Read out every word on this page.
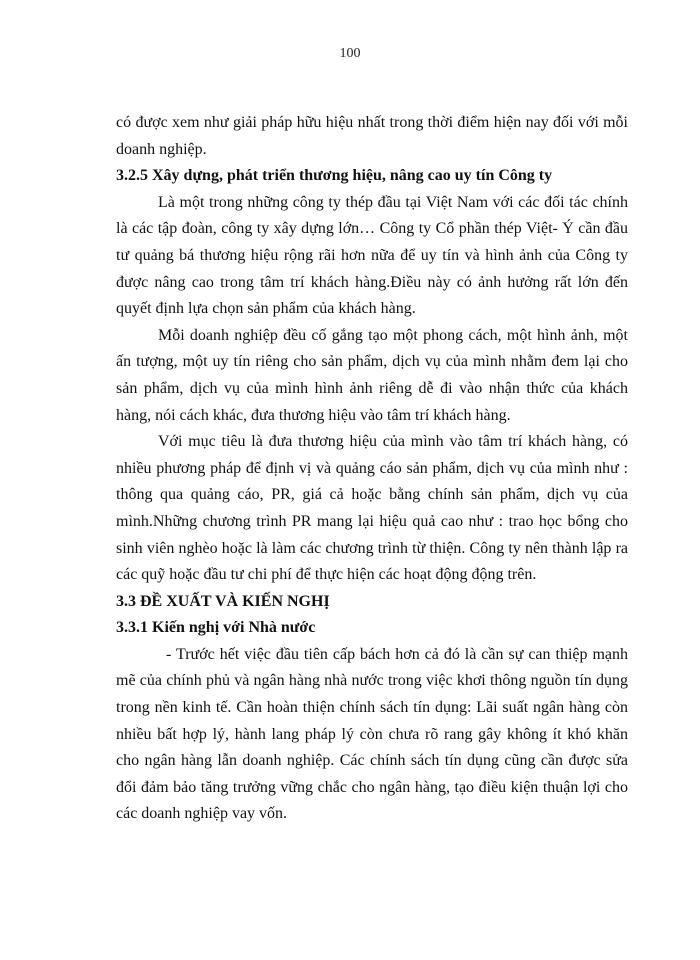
100

có được xem như giải pháp hữu hiệu nhất trong thời điểm hiện nay đối với mỗi doanh nghiệp.

3.2.5 Xây dựng, phát triển thương hiệu, nâng cao uy tín Công ty

Là một trong những công ty thép đầu tại Việt Nam với các đối tác chính là các tập đoàn, công ty xây dựng lớn… Công ty Cổ phần thép Việt- Ý cần đầu tư quảng bá thương hiệu rộng rãi hơn nữa để uy tín và hình ảnh của Công ty được nâng cao trong tâm trí khách hàng.Điều này có ảnh hưởng rất lớn đến quyết định lựa chọn sản phẩm của khách hàng.

Mỗi doanh nghiệp đều cố gắng tạo một phong cách, một hình ảnh, một ấn tượng, một uy tín riêng cho sản phẩm, dịch vụ của mình nhằm đem lại cho sản phẩm, dịch vụ của mình hình ảnh riêng dễ đi vào nhận thức của khách hàng, nói cách khác, đưa thương hiệu vào tâm trí khách hàng.

Với mục tiêu là đưa thương hiệu của mình vào tâm trí khách hàng, có nhiều phương pháp để định vị và quảng cáo sản phẩm, dịch vụ của mình như : thông qua quảng cáo, PR, giá cả hoặc bằng chính sản phẩm, dịch vụ của mình.Những chương trình PR mang lại hiệu quả cao như : trao học bổng cho sinh viên nghèo hoặc là làm các chương trình từ thiện. Công ty nên thành lập ra các quỹ hoặc đầu tư chi phí để thực hiện các hoạt động động trên.

3.3 ĐỀ XUẤT VÀ KIẾN NGHỊ
3.3.1 Kiến nghị với Nhà nước

- Trước hết việc đầu tiên cấp bách hơn cả đó là cần sự can thiệp mạnh mẽ của chính phủ và ngân hàng nhà nước trong việc khơi thông nguồn tín dụng trong nền kinh tế. Cần hoàn thiện chính sách tín dụng: Lãi suất ngân hàng còn nhiều bất hợp lý, hành lang pháp lý còn chưa rõ rang gây không ít khó khăn cho ngân hàng lẫn doanh nghiệp. Các chính sách tín dụng cũng cần được sửa đổi đảm bảo tăng trưởng vững chắc cho ngân hàng, tạo điều kiện thuận lợi cho các doanh nghiệp vay vốn.
